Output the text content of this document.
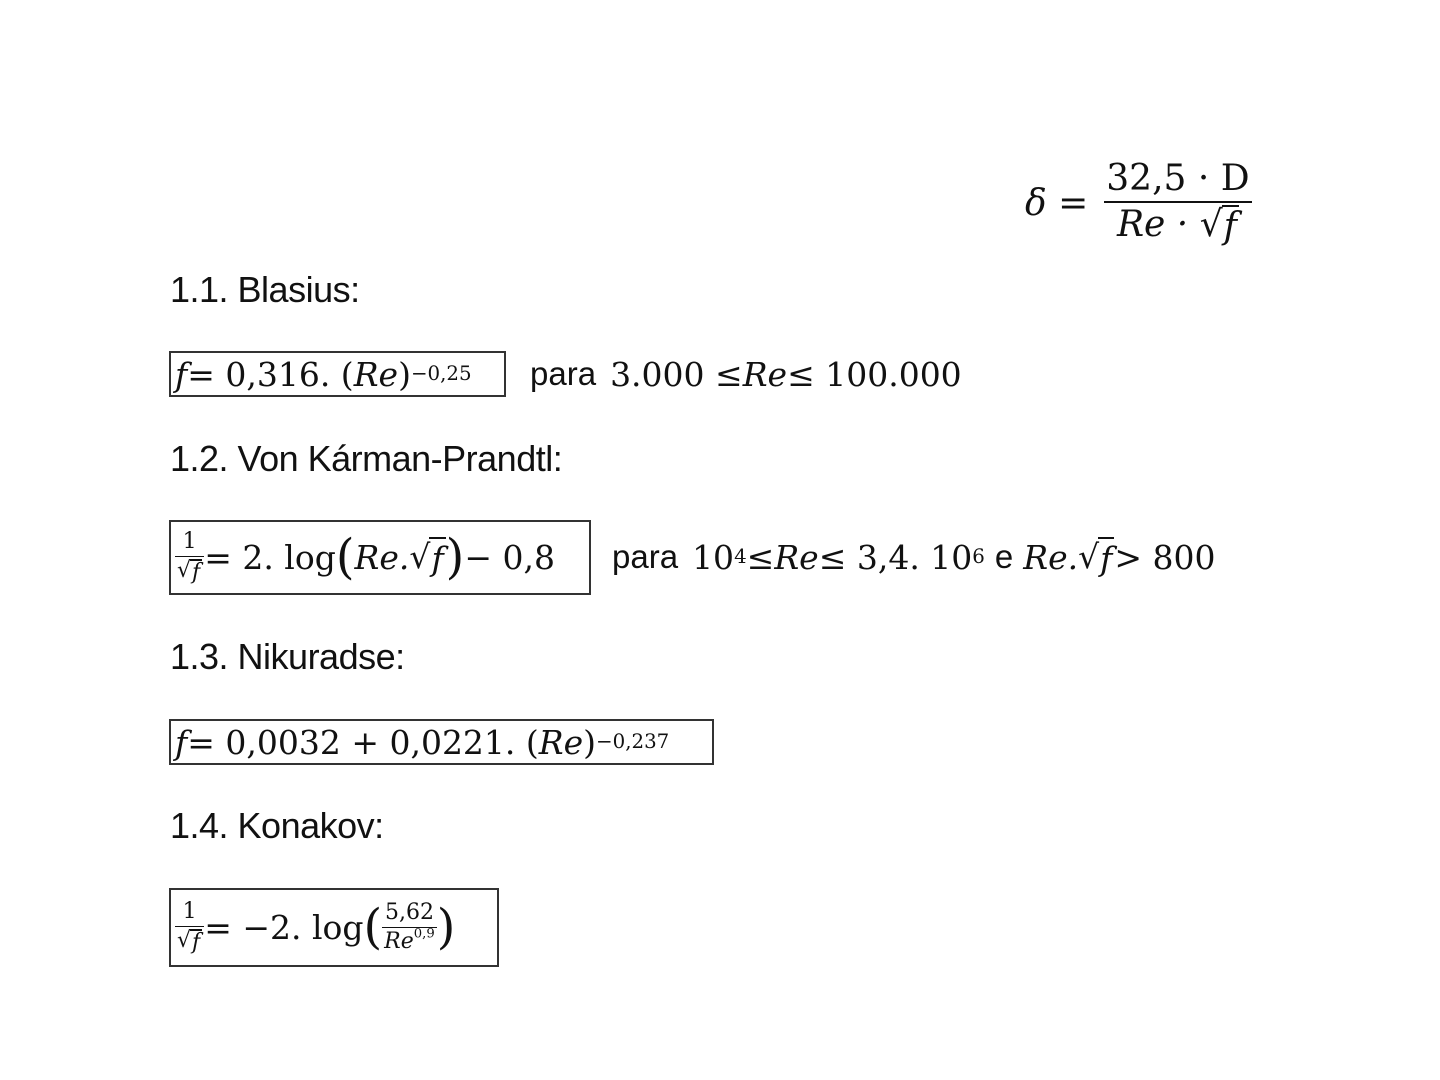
$\delta = \frac{32,5 \cdot D}{Re \cdot √ f}$
1.1. Blasius:
f = 0,316. ( Re ) −0,25 para 3.000 ≤ Re ≤ 100.000
1.2. Von Kárman-Prandtl:
$\frac{1}{√ f} = 2$. log ( Re. √ f ) − 0,8 para 10 4 ≤ Re ≤ 3,4. 10 6 e Re. √ f > 800
1.3. Nikuradse:
f = 0,0032 + 0,0221. ( Re ) −0,237
1.4. Konakov:
$\frac{1}{√ f} = -2$. log ( $\frac{5,62}{Re^{0,9}}$ )
